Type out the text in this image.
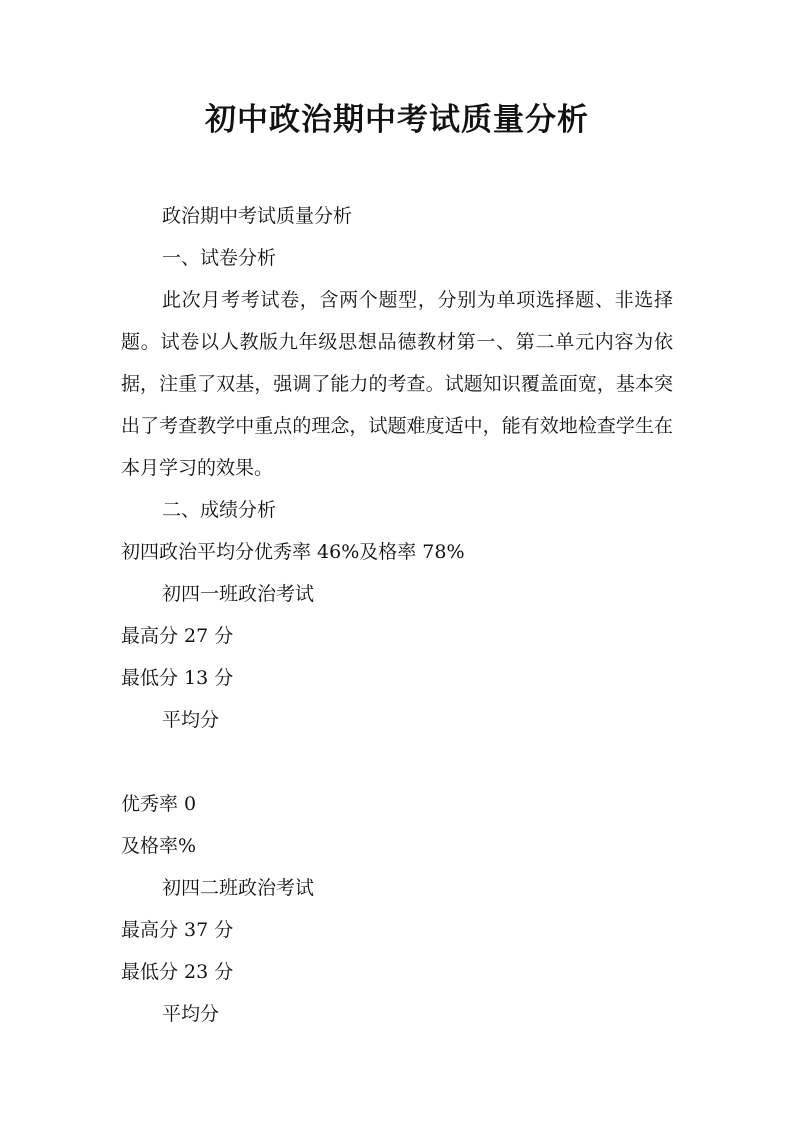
初中政治期中考试质量分析

政治期中考试质量分析

一、试卷分析

此次月考考试卷，含两个题型，分别为单项选择题、非选择题。试卷以人教版九年级思想品德教材第一、第二单元内容为依据，注重了双基，强调了能力的考查。试题知识覆盖面宽，基本突出了考查教学中重点的理念，试题难度适中，能有效地检查学生在本月学习的效果。

二、成绩分析

初四政治平均分优秀率 46%及格率 78%

初四一班政治考试

最高分 27 分

最低分 13 分

平均分

优秀率 0

及格率%

初四二班政治考试

最高分 37 分

最低分 23 分

平均分
